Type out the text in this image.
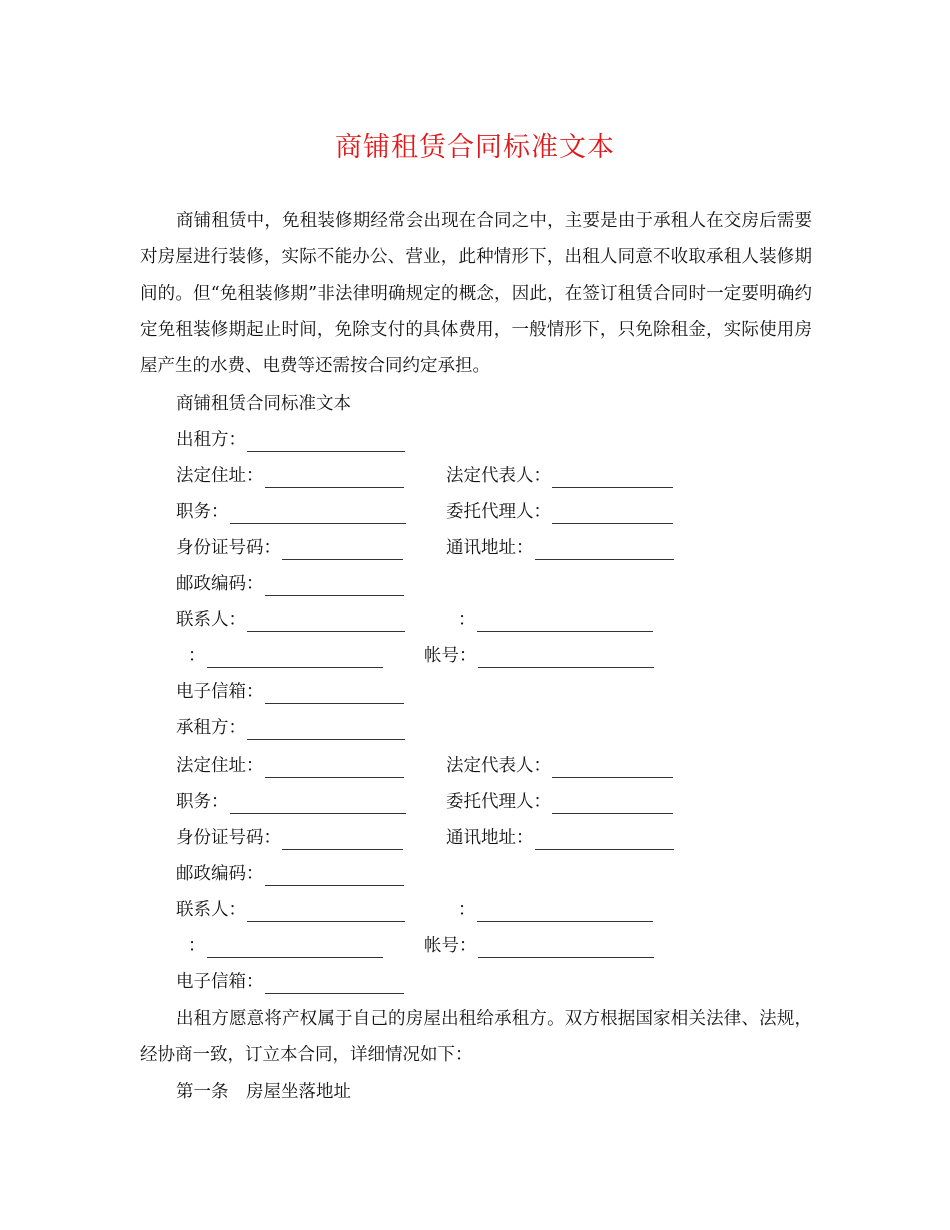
商铺租赁合同标准文本

商铺租赁中，免租装修期经常会出现在合同之中，主要是由于承租人在交房后需要对房屋进行装修，实际不能办公、营业，此种情形下，出租人同意不收取承租人装修期间的。但“免租装修期”非法律明确规定的概念，因此，在签订租赁合同时一定要明确约定免租装修期起止时间，免除支付的具体费用，一般情形下，只免除租金，实际使用房屋产生的水费、电费等还需按合同约定承担。

商铺租赁合同标准文本
出租方：
法定住址：	法定代表人：
职务：	委托代理人：
身份证号码：	通讯地址：
邮政编码：
联系人：	：
：	帐号：
电子信箱：
承租方：
法定住址：	法定代表人：
职务：	委托代理人：
身份证号码：	通讯地址：
邮政编码：
联系人：	：
：	帐号：
电子信箱：

出租方愿意将产权属于自己的房屋出租给承租方。双方根据国家相关法律、法规，经协商一致，订立本合同，详细情况如下：

第一条　房屋坐落地址
